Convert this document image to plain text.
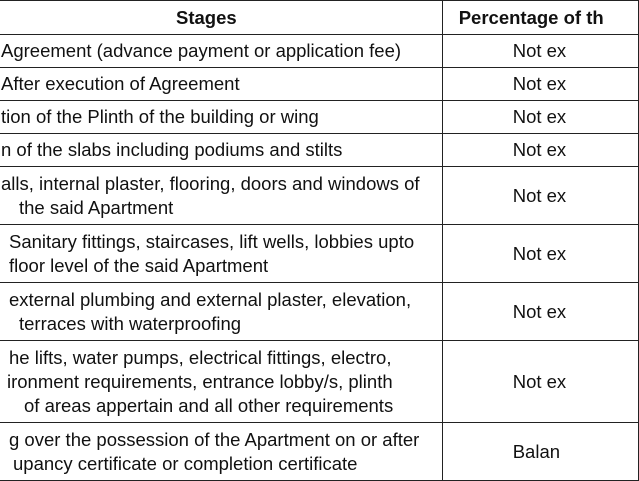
Stages	Percentage of th
Agreement (advance payment or application fee)	Not ex
After execution of Agreement	Not ex
tion of the Plinth of the building or wing	Not ex
n of the slabs including podiums and stilts	Not ex

alls, internal plaster, flooring, doors and windows of
the said Apartment	Not ex

Sanitary fittings, staircases, lift wells, lobbies upto
floor level of the said Apartment	Not ex

external plumbing and external plaster, elevation,
terraces with waterproofing	Not ex

he lifts, water pumps, electrical fittings, electro,
ironment requirements, entrance lobby/s, plinth
of areas appertain and all other requirements	Not ex

g over the possession of the Apartment on or after
upancy certificate or completion certificate	Balan
